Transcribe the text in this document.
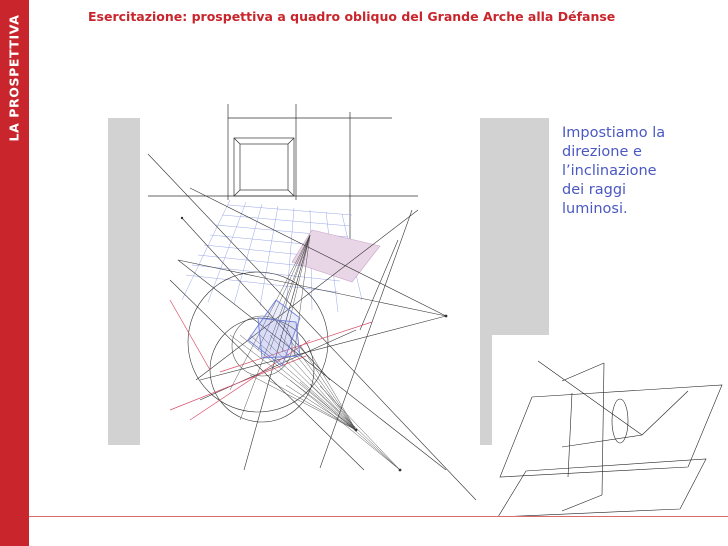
LA PROSPETTIVA	Esercitazione: prospettiva a quadro obliquo del Grande Arche alla Défanse
Impostiamo la
direzione e
l’inclinazione
dei raggi
luminosi.
